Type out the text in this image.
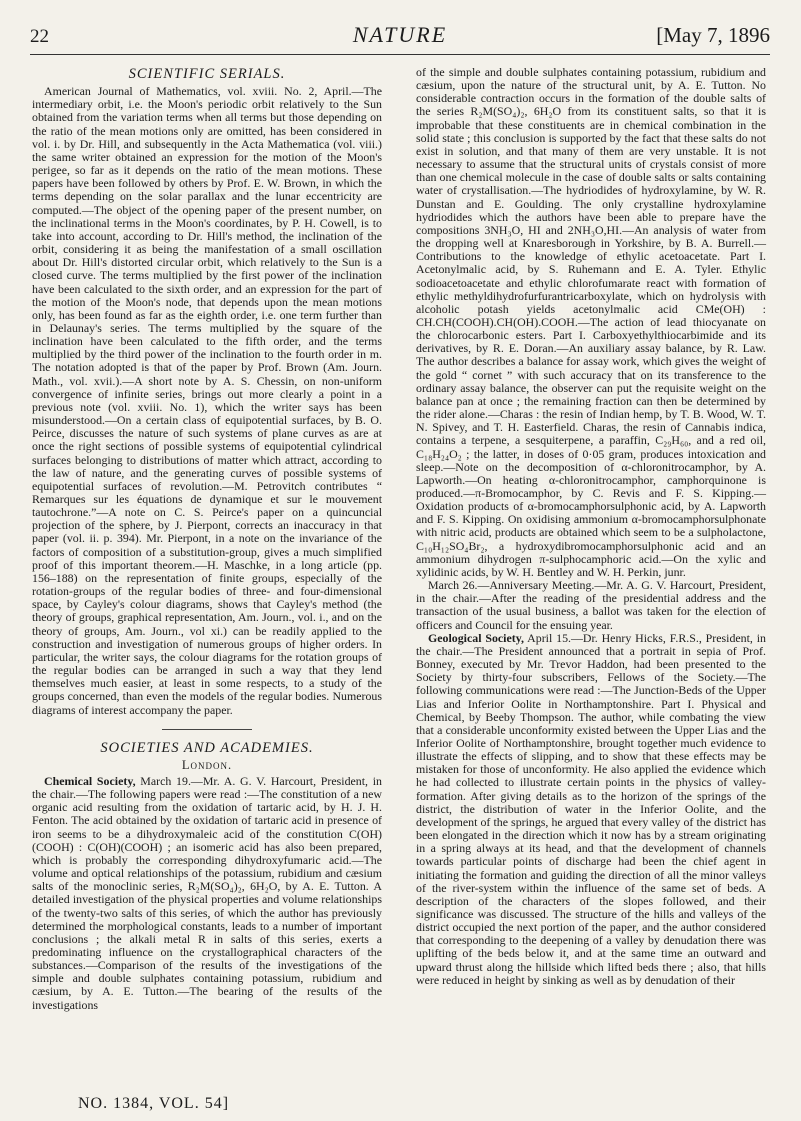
22	NATURE	[May 7, 1896
SCIENTIFIC SERIALS.

American Journal of Mathematics, vol. xviii. No. 2, April.—The intermediary orbit, i.e. the Moon's periodic orbit relatively to the Sun obtained from the variation terms when all terms but those depending on the ratio of the mean motions only are omitted, has been considered in vol. i. by Dr. Hill, and subsequently in the Acta Mathematica (vol. viii.) the same writer obtained an expression for the motion of the Moon's perigee, so far as it depends on the ratio of the mean motions. These papers have been followed by others by Prof. E. W. Brown, in which the terms depending on the solar parallax and the lunar eccentricity are computed.—The object of the opening paper of the present number, on the inclinational terms in the Moon's coordinates, by P. H. Cowell, is to take into account, according to Dr. Hill's method, the inclination of the orbit, considering it as being the manifestation of a small oscillation about Dr. Hill's distorted circular orbit, which relatively to the Sun is a closed curve. The terms multiplied by the first power of the inclination have been calculated to the sixth order, and an expression for the part of the motion of the Moon's node, that depends upon the mean motions only, has been found as far as the eighth order, i.e. one term further than in Delaunay's series. The terms multiplied by the square of the inclination have been calculated to the fifth order, and the terms multiplied by the third power of the inclination to the fourth order in m. The notation adopted is that of the paper by Prof. Brown (Am. Journ. Math., vol. xvii.).—A short note by A. S. Chessin, on non-uniform convergence of infinite series, brings out more clearly a point in a previous note (vol. xviii. No. 1), which the writer says has been misunderstood.—On a certain class of equipotential surfaces, by B. O. Peirce, discusses the nature of such systems of plane curves as are at once the right sections of possible systems of equipotential cylindrical surfaces belonging to distributions of matter which attract, according to the law of nature, and the generating curves of possible systems of equipotential surfaces of revolution.—M. Petrovitch contributes “ Remarques sur les équations de dynamique et sur le mouvement tautochrone.”—A note on C. S. Peirce's paper on a quincuncial projection of the sphere, by J. Pierpont, corrects an inaccuracy in that paper (vol. ii. p. 394). Mr. Pierpont, in a note on the invariance of the factors of composition of a substitution-group, gives a much simplified proof of this important theorem.—H. Maschke, in a long article (pp. 156–188) on the representation of finite groups, especially of the rotation-groups of the regular bodies of three- and four-dimensional space, by Cayley's colour diagrams, shows that Cayley's method (the theory of groups, graphical representation, Am. Journ., vol. i., and on the theory of groups, Am. Journ., vol xi.) can be readily applied to the construction and investigation of numerous groups of higher orders. In particular, the writer says, the colour diagrams for the rotation groups of the regular bodies can be arranged in such a way that they lend themselves much easier, at least in some respects, to a study of the groups concerned, than even the models of the regular bodies. Numerous diagrams of interest accompany the paper.

SOCIETIES AND ACADEMIES.
London.

Chemical Society, March 19.—Mr. A. G. V. Harcourt, President, in the chair.—The following papers were read :—The constitution of a new organic acid resulting from the oxidation of tartaric acid, by H. J. H. Fenton. The acid obtained by the oxidation of tartaric acid in presence of iron seems to be a dihydroxymaleic acid of the constitution C(OH)(COOH) : C(OH)(COOH) ; an isomeric acid has also been prepared, which is probably the corresponding dihydroxyfumaric acid.—The volume and optical relationships of the potassium, rubidium and cæsium salts of the monoclinic series, R₂M(SO₄)₂, 6H₂O, by A. E. Tutton. A detailed investigation of the physical properties and volume relationships of the twenty-two salts of this series, of which the author has previously determined the morphological constants, leads to a number of important conclusions ; the alkali metal R in salts of this series, exerts a predominating influence on the crystallographical characters of the substances.—Comparison of the results of the investigations of the simple and double sulphates containing potassium, rubidium and cæsium, by A. E. Tutton.—The bearing of the results of the investigations

of the simple and double sulphates containing potassium, rubidium and cæsium, upon the nature of the structural unit, by A. E. Tutton. No considerable contraction occurs in the formation of the double salts of the series R₂M(SO₄)₂, 6H₂O from its constituent salts, so that it is improbable that these constituents are in chemical combination in the solid state ; this conclusion is supported by the fact that these salts do not exist in solution, and that many of them are very unstable. It is not necessary to assume that the structural units of crystals consist of more than one chemical molecule in the case of double salts or salts containing water of crystallisation.—The hydriodides of hydroxylamine, by W. R. Dunstan and E. Goulding. The only crystalline hydroxylamine hydriodides which the authors have been able to prepare have the compositions 3NH₃O, HI and 2NH₃O,HI.—An analysis of water from the dropping well at Knaresborough in Yorkshire, by B. A. Burrell.—Contributions to the knowledge of ethylic acetoacetate. Part I. Acetonylmalic acid, by S. Ruhemann and E. A. Tyler. Ethylic sodioacetoacetate and ethylic chlorofumarate react with formation of ethylic methyldihydrofurfurantricarboxylate, which on hydrolysis with alcoholic potash yields acetonylmalic acid CMe(OH) : CH.CH(COOH).CH(OH).COOH.—The action of lead thiocyanate on the chlorocarbonic esters. Part I. Carboxyethylthiocarbimide and its derivatives, by R. E. Doran.—An auxiliary assay balance, by R. Law. The author describes a balance for assay work, which gives the weight of the gold “ cornet ” with such accuracy that on its transference to the ordinary assay balance, the observer can put the requisite weight on the balance pan at once ; the remaining fraction can then be determined by the rider alone.—Charas : the resin of Indian hemp, by T. B. Wood, W. T. N. Spivey, and T. H. Easterfield. Charas, the resin of Cannabis indica, contains a terpene, a sesquiterpene, a paraffin, C₂₉H₆₀, and a red oil, C₁₈H₂₄O₂ ; the latter, in doses of 0·05 gram, produces intoxication and sleep.—Note on the decomposition of α-chloronitrocamphor, by A. Lapworth.—On heating α-chloronitrocamphor, camphorquinone is produced.—π-Bromocamphor, by C. Revis and F. S. Kipping.—Oxidation products of α-bromocamphorsulphonic acid, by A. Lapworth and F. S. Kipping. On oxidising ammonium α-bromocamphorsulphonate with nitric acid, products are obtained which seem to be a sulpholactone, C₁₀H₁₂SO₄Br₂, a hydroxydibromocamphorsulphonic acid and an ammonium dihydrogen π-sulphocamphoric acid.—On the xylic and xylidinic acids, by W. H. Bentley and W. H. Perkin, junr.

March 26.—Anniversary Meeting.—Mr. A. G. V. Harcourt, President, in the chair.—After the reading of the presidential address and the transaction of the usual business, a ballot was taken for the election of officers and Council for the ensuing year.

Geological Society, April 15.—Dr. Henry Hicks, F.R.S., President, in the chair.—The President announced that a portrait in sepia of Prof. Bonney, executed by Mr. Trevor Haddon, had been presented to the Society by thirty-four subscribers, Fellows of the Society.—The following communications were read :—The Junction-Beds of the Upper Lias and Inferior Oolite in Northamptonshire. Part I. Physical and Chemical, by Beeby Thompson. The author, while combating the view that a considerable unconformity existed between the Upper Lias and the Inferior Oolite of Northamptonshire, brought together much evidence to illustrate the effects of slipping, and to show that these effects may be mistaken for those of unconformity. He also applied the evidence which he had collected to illustrate certain points in the physics of valley-formation. After giving details as to the horizon of the springs of the district, the distribution of water in the Inferior Oolite, and the development of the springs, he argued that every valley of the district has been elongated in the direction which it now has by a stream originating in a spring always at its head, and that the development of channels towards particular points of discharge had been the chief agent in initiating the formation and guiding the direction of all the minor valleys of the river-system within the influence of the same set of beds. A description of the characters of the slopes followed, and their significance was discussed. The structure of the hills and valleys of the district occupied the next portion of the paper, and the author considered that corresponding to the deepening of a valley by denudation there was uplifting of the beds below it, and at the same time an outward and upward thrust along the hillside which lifted beds there ; also, that hills were reduced in height by sinking as well as by denudation of their

NO. 1384, VOL. 54]
